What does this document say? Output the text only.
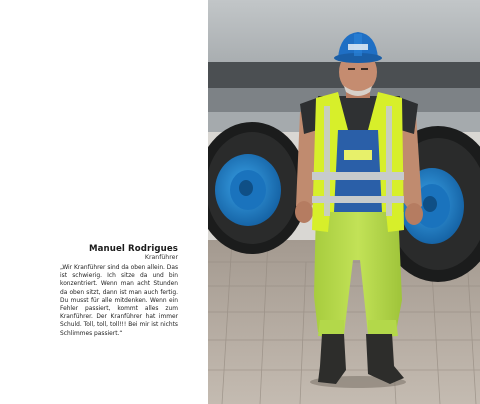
Manuel Rodrigues
Kranführer
„Wir Kranführer sind da oben allein. Das ist schwierig. Ich sitze da und bin konzentriert. Wenn man acht Stunden da oben sitzt, dann ist man auch fertig. Du musst für alle mitdenken. Wenn ein Fehler passiert, kommt alles zum Kranführer. Der Kranführer hat immer Schuld. Toll, toll, toll!!! Bei mir ist nichts Schlimmes passiert.“
